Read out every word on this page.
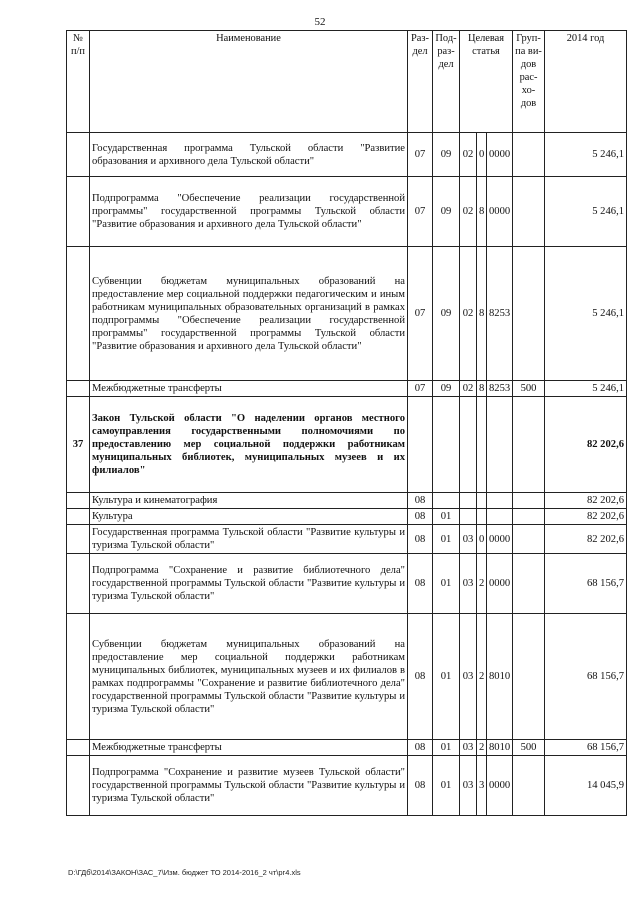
52
№ п/п	Наименование	Раз-дел	Под-раз-дел	Целевая статья			Груп-па ви-дов рас-хо-дов	2014 год
	Государственная программа Тульской области "Развитие образования и архивного дела Тульской области"	07	09	02	0	0000		5 246,1
	Подпрограмма "Обеспечение реализации государственной программы" государственной программы Тульской области "Развитие образования и архивного дела Тульской области"	07	09	02	8	0000		5 246,1
	Субвенции бюджетам муниципальных образований на предоставление мер социальной поддержки педагогическим и иным работникам муниципальных образовательных организаций в рамках подпрограммы "Обеспечение реализации государственной программы" государственной программы Тульской области "Развитие образования и архивного дела Тульской области"	07	09	02	8	8253		5 246,1
	Межбюджетные трансферты	07	09	02	8	8253	500	5 246,1
37	Закон Тульской области "О наделении органов местного самоуправления государственными полномочиями по предоставлению мер социальной поддержки работникам муниципальных библиотек, муниципальных музеев и их филиалов"							82 202,6
	Культура и кинематография	08						82 202,6
	Культура	08	01					82 202,6
	Государственная программа Тульской области "Развитие культуры и туризма Тульской области"	08	01	03	0	0000		82 202,6
	Подпрограмма "Сохранение и развитие библиотечного дела" государственной программы Тульской области "Развитие культуры и туризма Тульской области"	08	01	03	2	0000		68 156,7
	Субвенции бюджетам муниципальных образований на предоставление мер социальной поддержки работникам муниципальных библиотек, муниципальных музеев и их филиалов в рамках подпрограммы "Сохранение и развитие библиотечного дела" государственной программы Тульской области "Развитие культуры и туризма Тульской области"	08	01	03	2	8010		68 156,7
	Межбюджетные трансферты	08	01	03	2	8010	500	68 156,7
	Подпрограмма "Сохранение и развитие музеев Тульской области" государственной программы Тульской области "Развитие культуры и туризма Тульской области"	08	01	03	3	0000		14 045,9
D:\ГДб\2014\ЗАКОН\ЗАС_7\Изм. бюджет ТО 2014-2016_2 чт\рг4.xls
